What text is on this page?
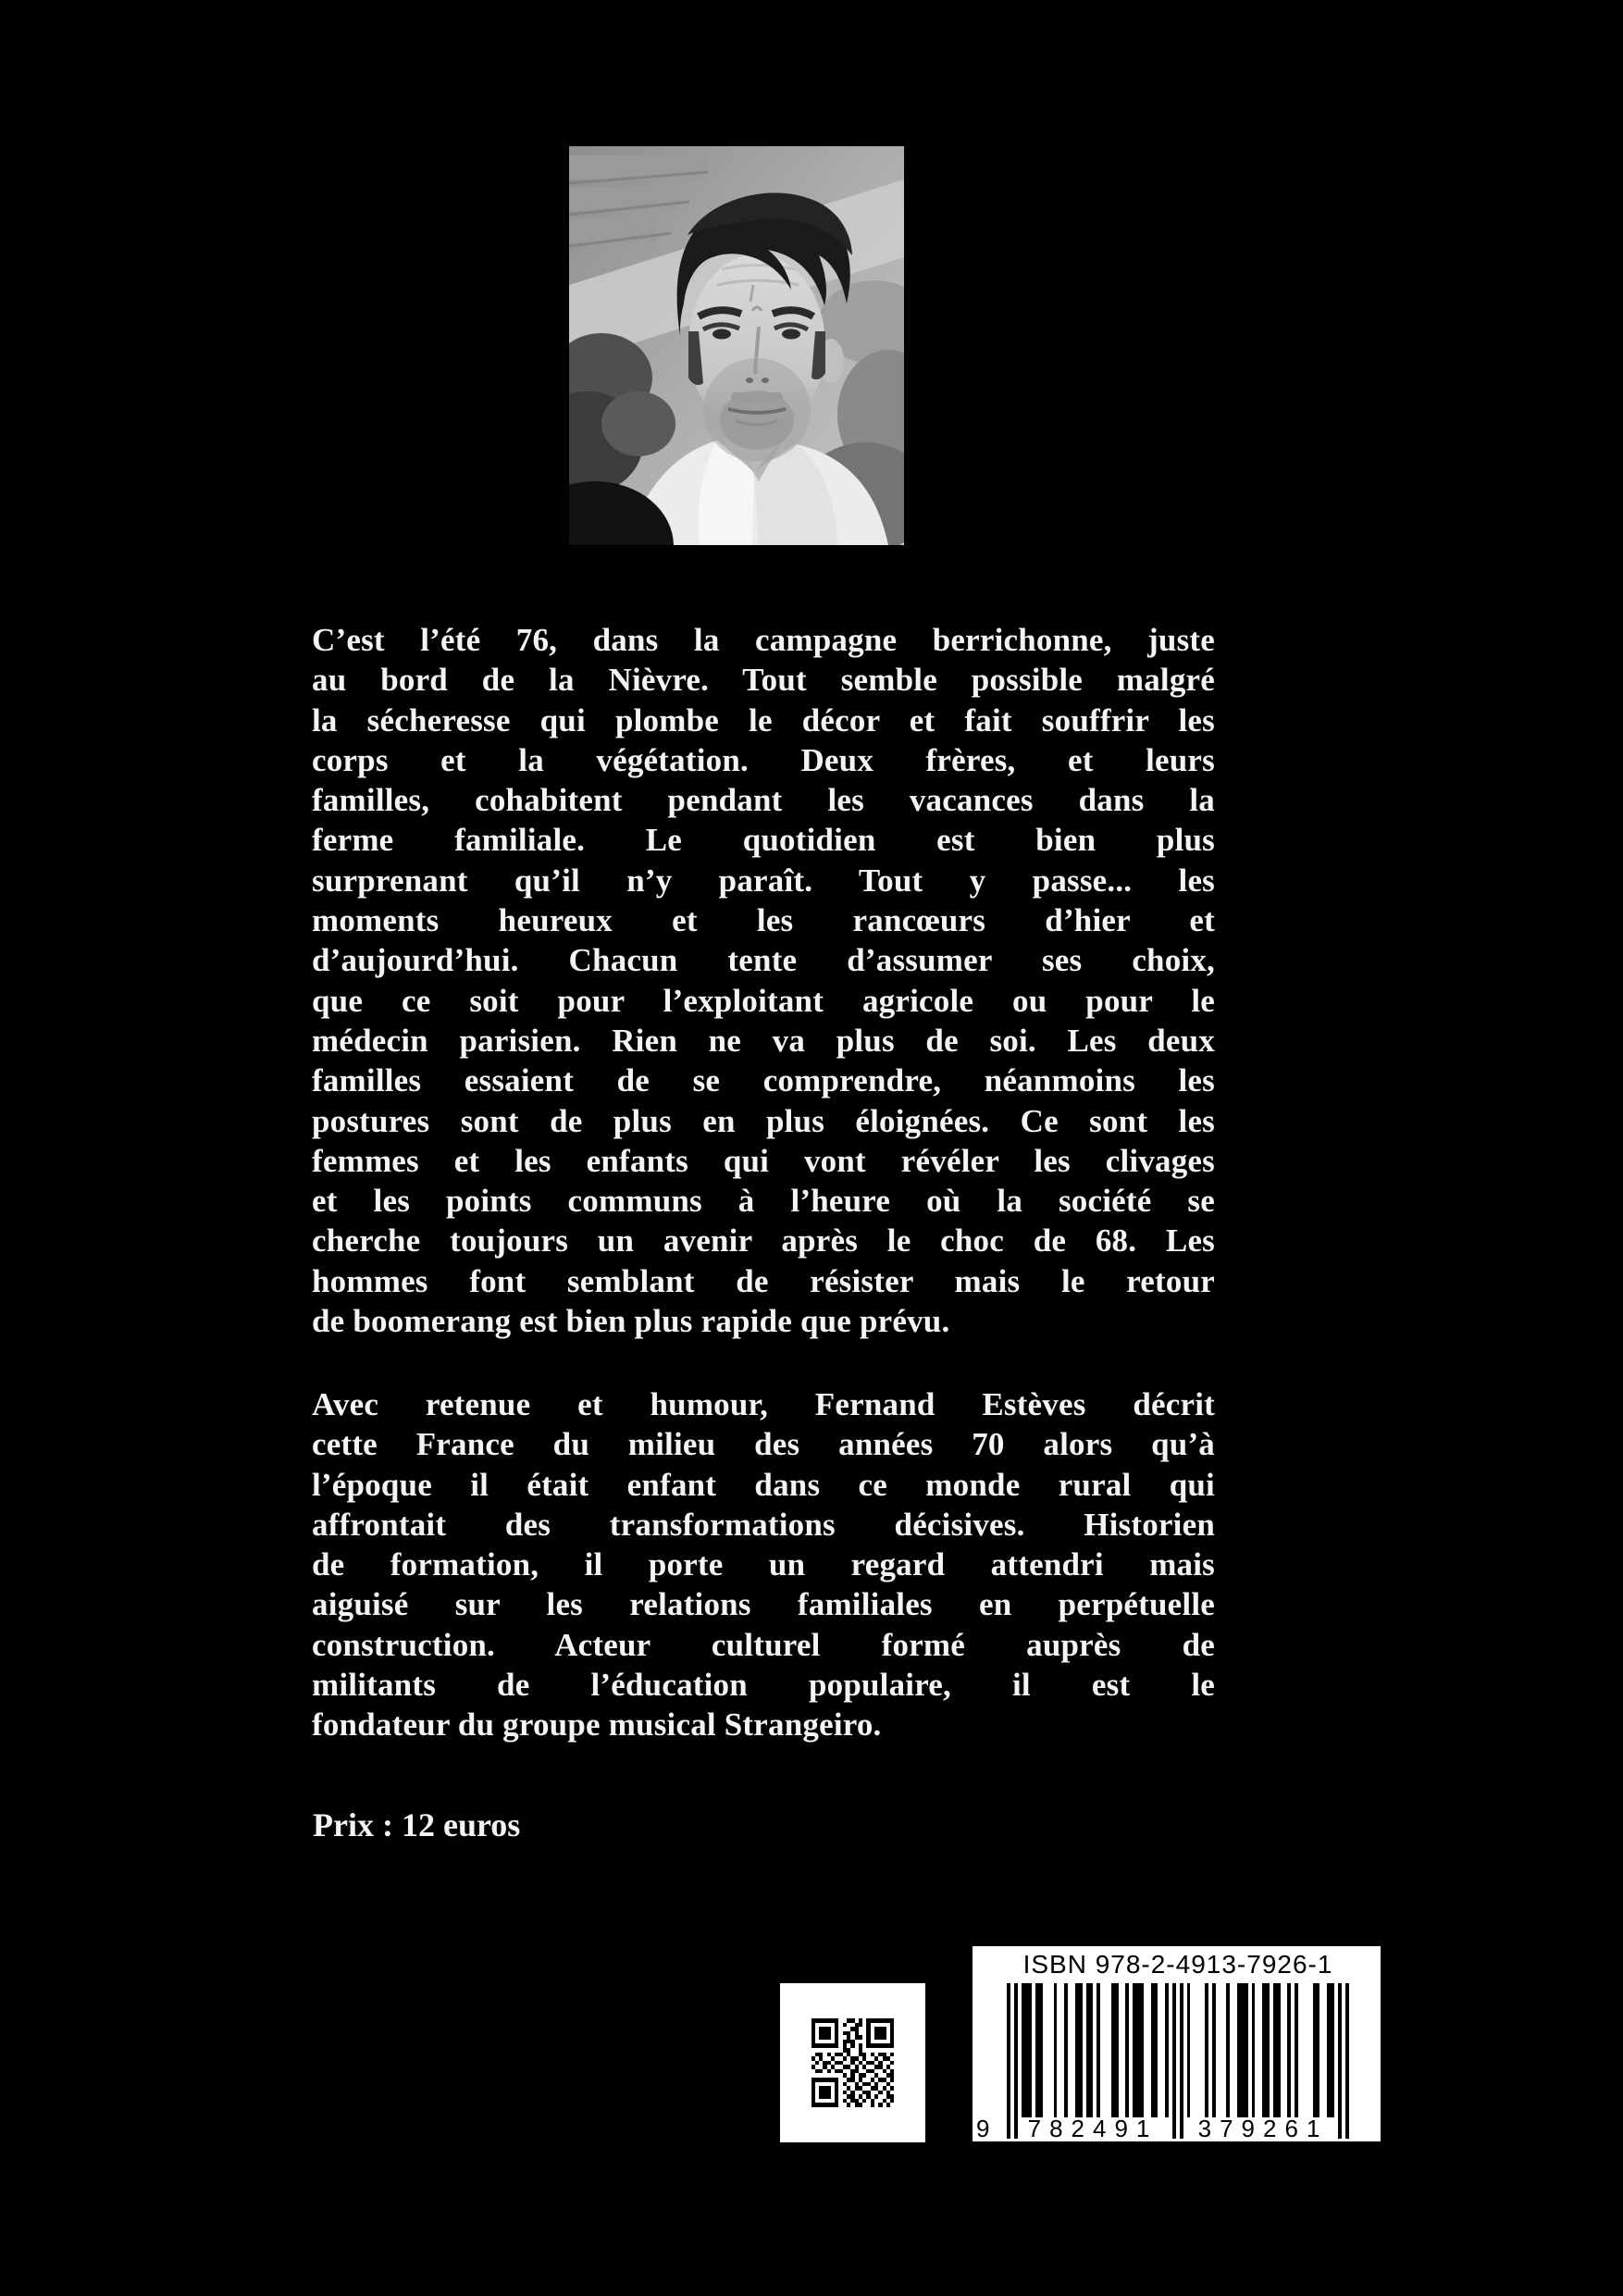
C’est l’été 76, dans la campagne berrichonne, juste
au bord de la Nièvre. Tout semble possible malgré
la sécheresse qui plombe le décor et fait souffrir les
corps et la végétation. Deux frères, et leurs
familles, cohabitent pendant les vacances dans la
ferme familiale. Le quotidien est bien plus
surprenant qu’il n’y paraît. Tout y passe... les
moments heureux et les rancœurs d’hier et
d’aujourd’hui. Chacun tente d’assumer ses choix,
que ce soit pour l’exploitant agricole ou pour le
médecin parisien. Rien ne va plus de soi. Les deux
familles essaient de se comprendre, néanmoins les
postures sont de plus en plus éloignées. Ce sont les
femmes et les enfants qui vont révéler les clivages
et les points communs à l’heure où la société se
cherche toujours un avenir après le choc de 68. Les
hommes font semblant de résister mais le retour
de boomerang est bien plus rapide que prévu.
Avec retenue et humour, Fernand Estèves décrit
cette France du milieu des années 70 alors qu’à
l’époque il était enfant dans ce monde rural qui
affrontait des transformations décisives. Historien
de formation, il porte un regard attendri mais
aiguisé sur les relations familiales en perpétuelle
construction. Acteur culturel formé auprès de
militants de l’éducation populaire, il est le
fondateur du groupe musical Strangeiro.
Prix : 12 euros
ISBN 978-2-4913-7926-1
9 782491 379261
